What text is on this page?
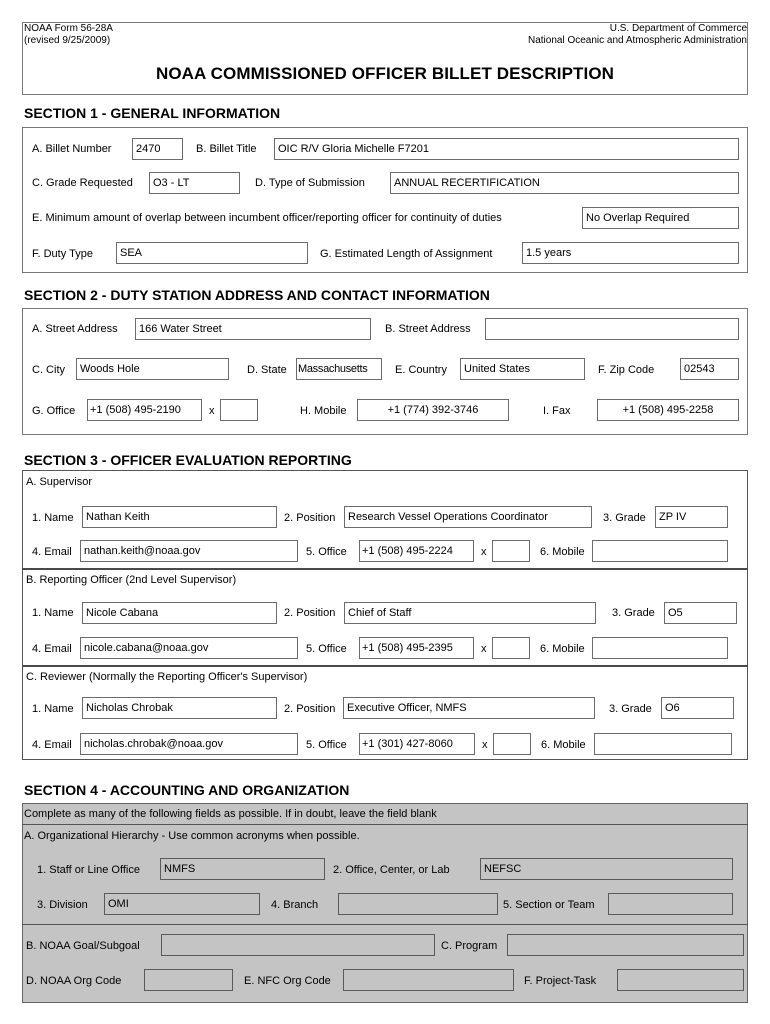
NOAA Form 56-28A
(revised 9/25/2009)
U.S. Department of Commerce
National Oceanic and Atmospheric Administration
NOAA COMMISSIONED OFFICER BILLET DESCRIPTION
SECTION 1 - GENERAL INFORMATION
A. Billet Number	2470	B. Billet Title	OIC R/V Gloria Michelle F7201
C. Grade Requested	O3 - LT	D. Type of Submission	ANNUAL RECERTIFICATION
E. Minimum amount of overlap between incumbent officer/reporting officer for continuity of duties	No Overlap Required
F. Duty Type	SEA	G. Estimated Length of Assignment	1.5 years
SECTION 2 - DUTY STATION ADDRESS AND CONTACT INFORMATION
A. Street Address	166 Water Street	B. Street Address
C. City	Woods Hole	D. State Massachusetts	E. Country	United States	F. Zip Code	02543
G. Office +1 (508) 495-2190	x	H. Mobile	+1 (774) 392-3746	I. Fax	+1 (508) 495-2258
SECTION 3 - OFFICER EVALUATION REPORTING
A. Supervisor
1. Name	Nathan Keith	2. Position	Research Vessel Operations Coordinator	3. Grade	ZP IV
4. Email	nathan.keith@noaa.gov	5. Office +1 (508) 495-2224	x	6. Mobile
B. Reporting Officer (2nd Level Supervisor)
1. Name	Nicole Cabana	2. Position	Chief of Staff	3. Grade	O5
4. Email	nicole.cabana@noaa.gov	5. Office +1 (508) 495-2395	x	6. Mobile
C. Reviewer (Normally the Reporting Officer's Supervisor)
1. Name	Nicholas Chrobak	2. Position	Executive Officer, NMFS	3. Grade	O6
4. Email	nicholas.chrobak@noaa.gov	5. Office +1 (301) 427-8060	x	6. Mobile
SECTION 4 - ACCOUNTING AND ORGANIZATION
Complete as many of the following fields as possible. If in doubt, leave the field blank
A. Organizational Hierarchy - Use common acronyms when possible.
1. Staff or Line Office	NMFS	2. Office, Center, or Lab	NEFSC
3. Division	OMI	4. Branch	5. Section or Team
B. NOAA Goal/Subgoal	C. Program
D. NOAA Org Code	E. NFC Org Code	F. Project-Task
